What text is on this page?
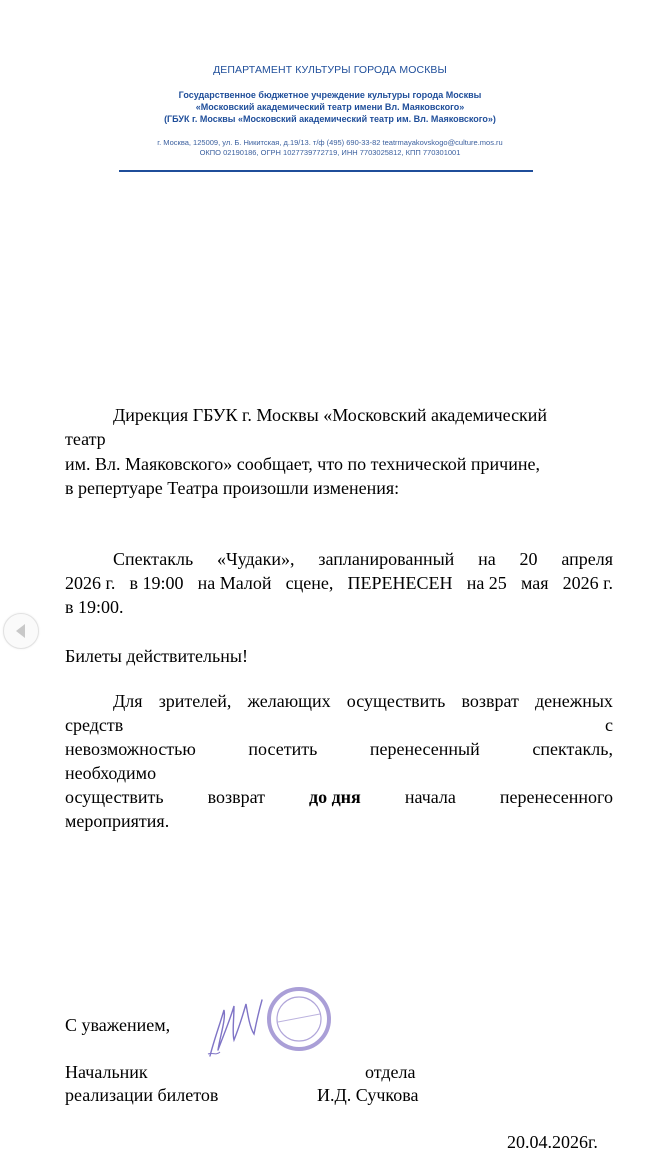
ДЕПАРТАМЕНТ КУЛЬТУРЫ ГОРОДА МОСКВЫ
Государственное бюджетное учреждение культуры города Москвы
«Московский академический театр имени Вл. Маяковского»
(ГБУК г. Москвы «Московский академический театр им. Вл. Маяковского»)
г. Москва, 125009, ул. Б. Никитская, д.19/13. т/ф (495) 690-33-82 teatrmayakovskogo@culture.mos.ru
ОКПО 02190186, ОГРН 1027739772719, ИНН 7703025812, КПП 770301001
Дирекция ГБУК г. Москвы «Московский академический
театр
им. Вл. Маяковского» сообщает, что по технической причине,
в репертуаре Театра произошли изменения:
Спектакль «Чудаки», запланированный на 20 апреля
2026 г. в 19:00 на Малой сцене, ПЕРЕНЕСЕН на 25 мая 2026 г.
в 19:00.
Билеты действительны!
Для зрителей, желающих осуществить возврат денежных
средств	с
невозможностью	посетить	перенесенный	спектакль,
необходимо
осуществить возврат до дня начала перенесенного
мероприятия.
С уважением,
Начальник	отдела
реализации билетов	И.Д. Сучкова
20.04.2026г.
